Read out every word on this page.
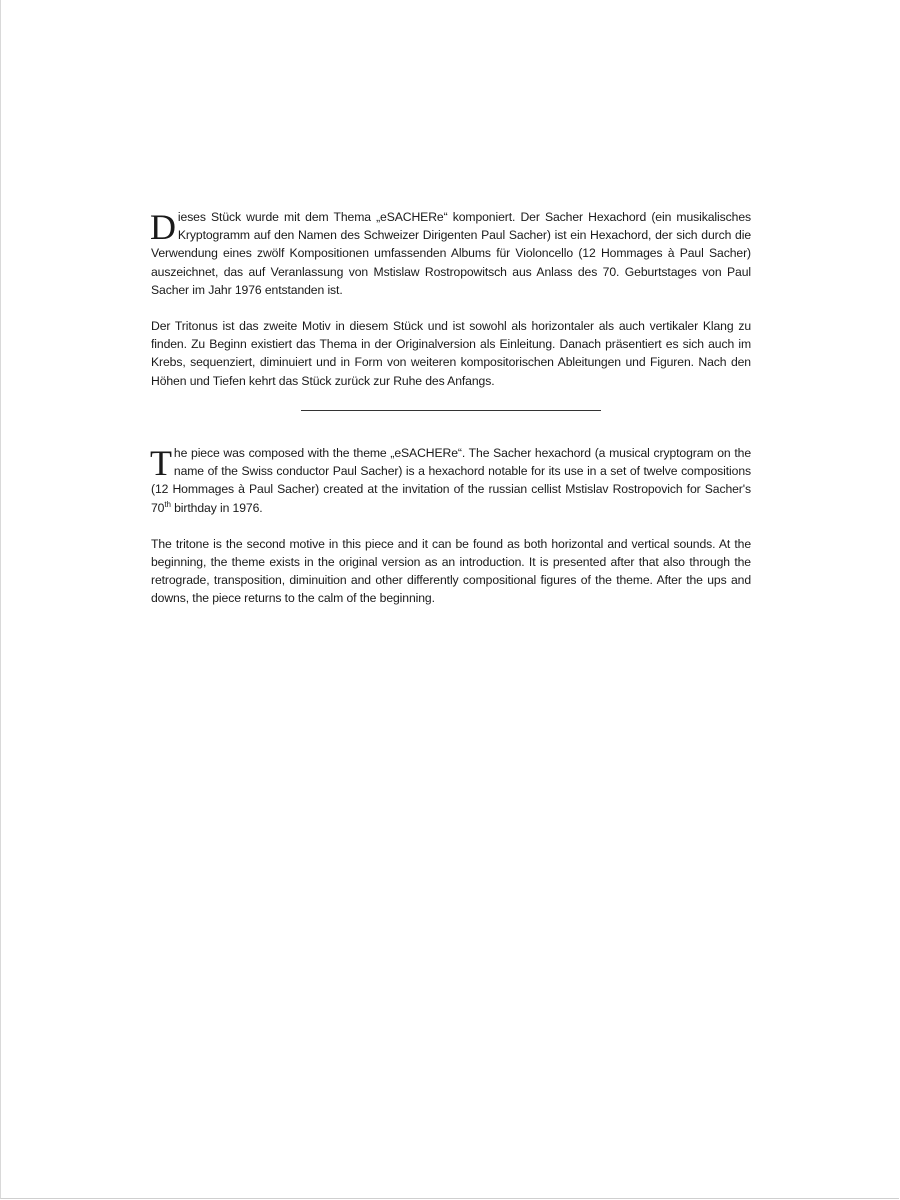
Dieses Stück wurde mit dem Thema „eSACHERe“ komponiert. Der Sacher Hexachord (ein musikalisches Kryptogramm auf den Namen des Schweizer Dirigenten Paul Sacher) ist ein Hexachord, der sich durch die Verwendung eines zwölf Kompositionen umfassenden Albums für Violoncello (12 Hommages à Paul Sacher) auszeichnet, das auf Veranlassung von Mstislaw Rostropowitsch aus Anlass des 70. Geburtstages von Paul Sacher im Jahr 1976 entstanden ist.

Der Tritonus ist das zweite Motiv in diesem Stück und ist sowohl als horizontaler als auch vertikaler Klang zu finden. Zu Beginn existiert das Thema in der Originalversion als Einleitung. Danach präsentiert es sich auch im Krebs, sequenziert, diminuiert und in Form von weiteren kompositorischen Ableitungen und Figuren. Nach den Höhen und Tiefen kehrt das Stück zurück zur Ruhe des Anfangs.

The piece was composed with the theme „eSACHERe“. The Sacher hexachord (a musical cryptogram on the name of the Swiss conductor Paul Sacher) is a hexachord notable for its use in a set of twelve compositions (12 Hommages à Paul Sacher) created at the invitation of the russian cellist Mstislav Rostropovich for Sacher's 70th birthday in 1976.

The tritone is the second motive in this piece and it can be found as both horizontal and vertical sounds. At the beginning, the theme exists in the original version as an introduction. It is presented after that also through the retrograde, transposition, diminuition and other differently compositional figures of the theme. After the ups and downs, the piece returns to the calm of the beginning.
